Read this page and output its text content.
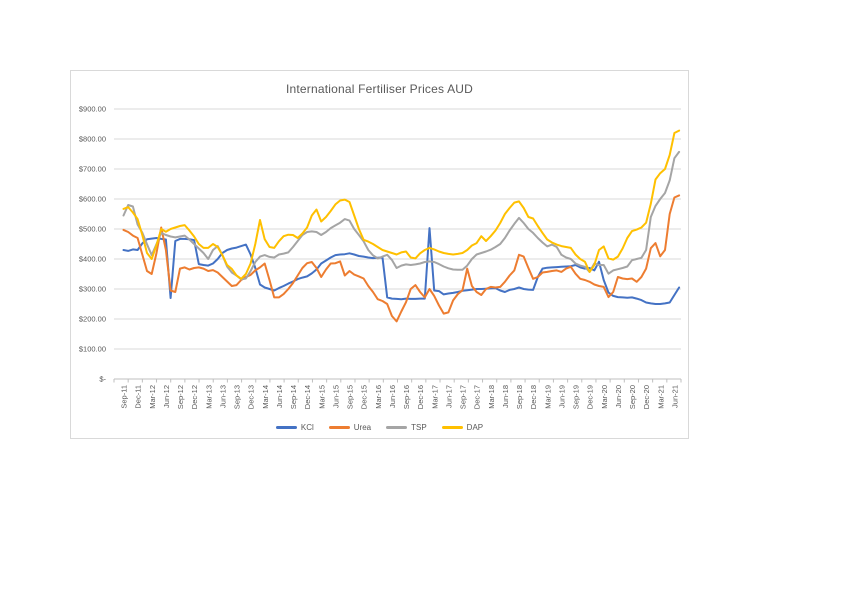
International Fertiliser Prices AUD
$900.00
$800.00
$700.00
$600.00
$500.00
$400.00
$300.00
$200.00
$100.00
$-
Sep-11 Dec-11 Mar-12 Jun-12 Sep-12 Dec-12 Mar-13 Jun-13 Sep-13 Dec-13 Mar-14 Jun-14 Sep-14 Dec-14 Mar-15 Jun-15 Sep-15 Dec-15 Mar-16 Jun-16 Sep-16 Dec-16 Mar-17 Jun-17 Sep-17 Dec-17 Mar-18 Jun-18 Sep-18 Dec-18 Mar-19 Jun-19 Sep-19 Dec-19 Mar-20 Jun-20 Sep-20 Dec-20 Mar-21 Jun-21
KCl	Urea	TSP	DAP
